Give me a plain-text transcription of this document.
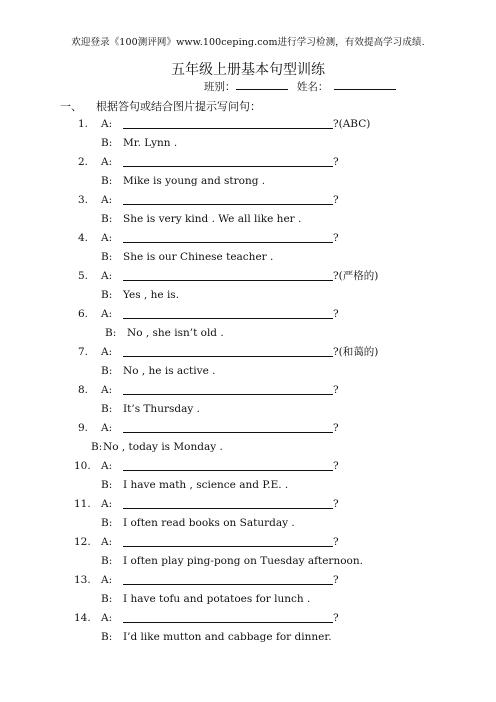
欢迎登录《100测评网》www.100ceping.com进行学习检测，有效提高学习成绩.
五年级上册基本句型训练
班别：	姓名：
一、 根据答句或结合图片提示写问句：
1.	A:	?(ABC)
B: Mr. Lynn .
2.	A:	?
B: Mike is young and strong .
3.	A:	?
B: She is very kind . We all like her .
4.	A:	?
B: She is our Chinese teacher .
5.	A:	?(严格的)
B: Yes , he is.
6.	A:	?
B: No , she isn’t old .
7.	A:	?(和蔼的)
B: No , he is active .
8.	A:	?
B: It’s Thursday .
9.	A:	?
B: No , today is Monday .
10. A:	?
B: I have math , science and P.E. .
11. A:	?
B: I often read books on Saturday .
12. A:	?
B: I often play ping-pong on Tuesday afternoon.
13. A:	?
B: I have tofu and potatoes for lunch .
14. A:	?
B: I’d like mutton and cabbage for dinner.
